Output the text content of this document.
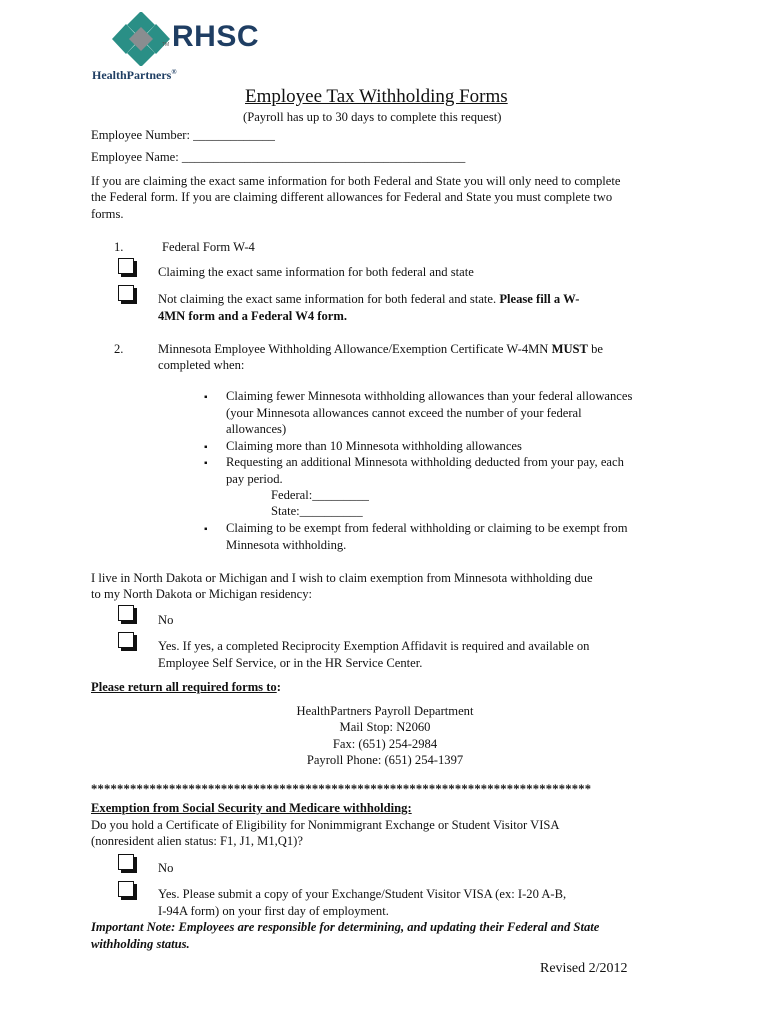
RHSC
TM
HealthPartners®
Employee Tax Withholding Forms
(Payroll has up to 30 days to complete this request)
Employee Number: _____________
Employee Name: _____________________________________________
If you are claiming the exact same information for both Federal and State you will only need to complete
the Federal form. If you are claiming different allowances for Federal and State you must complete two
forms.
1.	Federal Form W-4
Claiming the exact same information for both federal and state
Not claiming the exact same information for both federal and state. Please fill a W-
4MN form and a Federal W4 form.
2.	Minnesota Employee Withholding Allowance/Exemption Certificate W-4MN MUST be
completed when:
▪ Claiming fewer Minnesota withholding allowances than your federal allowances
(your Minnesota allowances cannot exceed the number of your federal
allowances)
▪ Claiming more than 10 Minnesota withholding allowances
▪ Requesting an additional Minnesota withholding deducted from your pay, each
pay period.
Federal:_________
State:__________
▪ Claiming to be exempt from federal withholding or claiming to be exempt from
Minnesota withholding.
I live in North Dakota or Michigan and I wish to claim exemption from Minnesota withholding due
to my North Dakota or Michigan residency:
No
Yes. If yes, a completed Reciprocity Exemption Affidavit is required and available on
Employee Self Service, or in the HR Service Center.
Please return all required forms to:
HealthPartners Payroll Department
Mail Stop: N2060
Fax: (651) 254-2984
Payroll Phone: (651) 254-1397
*****************************************************************************
Exemption from Social Security and Medicare withholding:
Do you hold a Certificate of Eligibility for Nonimmigrant Exchange or Student Visitor VISA
(nonresident alien status: F1, J1, M1,Q1)?
No
Yes. Please submit a copy of your Exchange/Student Visitor VISA (ex: I-20 A-B,
I-94A form) on your first day of employment.
Important Note: Employees are responsible for determining, and updating their Federal and State
withholding status.
Revised 2/2012
